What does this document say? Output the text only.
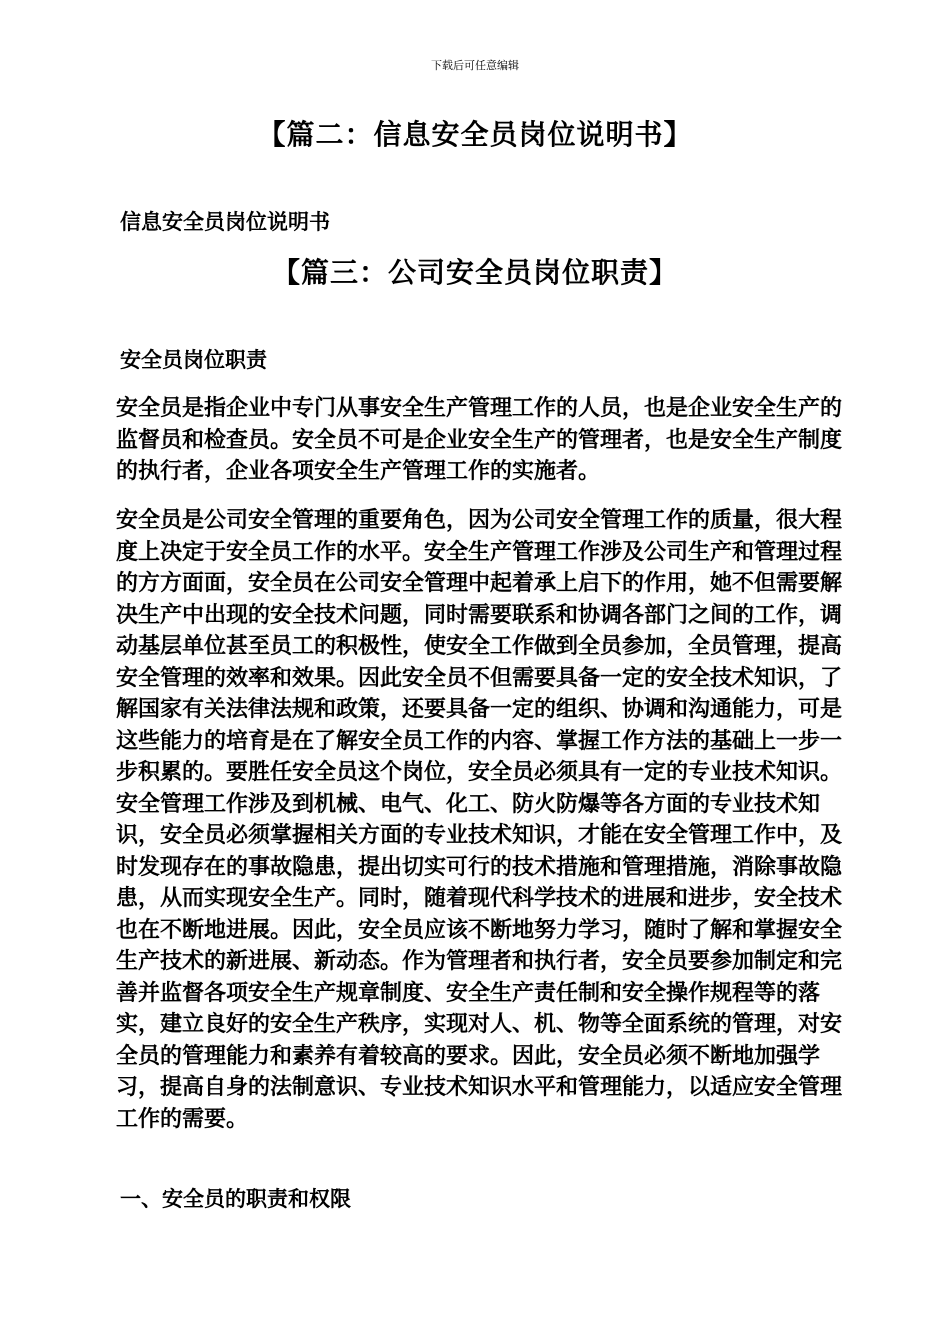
下载后可任意编辑
【篇二：信息安全员岗位说明书】
信息安全员岗位说明书
【篇三：公司安全员岗位职责】
安全员岗位职责

安全员是指企业中专门从事安全生产管理工作的人员，也是企业安全生产的监督员和检查员。安全员不可是企业安全生产的管理者，也是安全生产制度的执行者，企业各项安全生产管理工作的实施者。

安全员是公司安全管理的重要角色，因为公司安全管理工作的质量，很大程度上决定于安全员工作的水平。安全生产管理工作涉及公司生产和管理过程的方方面面，安全员在公司安全管理中起着承上启下的作用，她不但需要解决生产中出现的安全技术问题，同时需要联系和协调各部门之间的工作，调动基层单位甚至员工的积极性，使安全工作做到全员参加，全员管理，提高安全管理的效率和效果。因此安全员不但需要具备一定的安全技术知识，了解国家有关法律法规和政策，还要具备一定的组织、协调和沟通能力，可是这些能力的培育是在了解安全员工作的内容、掌握工作方法的基础上一步一步积累的。要胜任安全员这个岗位，安全员必须具有一定的专业技术知识。安全管理工作涉及到机械、电气、化工、防火防爆等各方面的专业技术知识，安全员必须掌握相关方面的专业技术知识，才能在安全管理工作中，及时发现存在的事故隐患，提出切实可行的技术措施和管理措施，消除事故隐患，从而实现安全生产。同时，随着现代科学技术的进展和进步，安全技术也在不断地进展。因此，安全员应该不断地努力学习，随时了解和掌握安全生产技术的新进展、新动态。作为管理者和执行者，安全员要参加制定和完善并监督各项安全生产规章制度、安全生产责任制和安全操作规程等的落实，建立良好的安全生产秩序，实现对人、机、物等全面系统的管理，对安全员的管理能力和素养有着较高的要求。因此，安全员必须不断地加强学习，提高自身的法制意识、专业技术知识水平和管理能力，以适应安全管理工作的需要。

一、安全员的职责和权限
